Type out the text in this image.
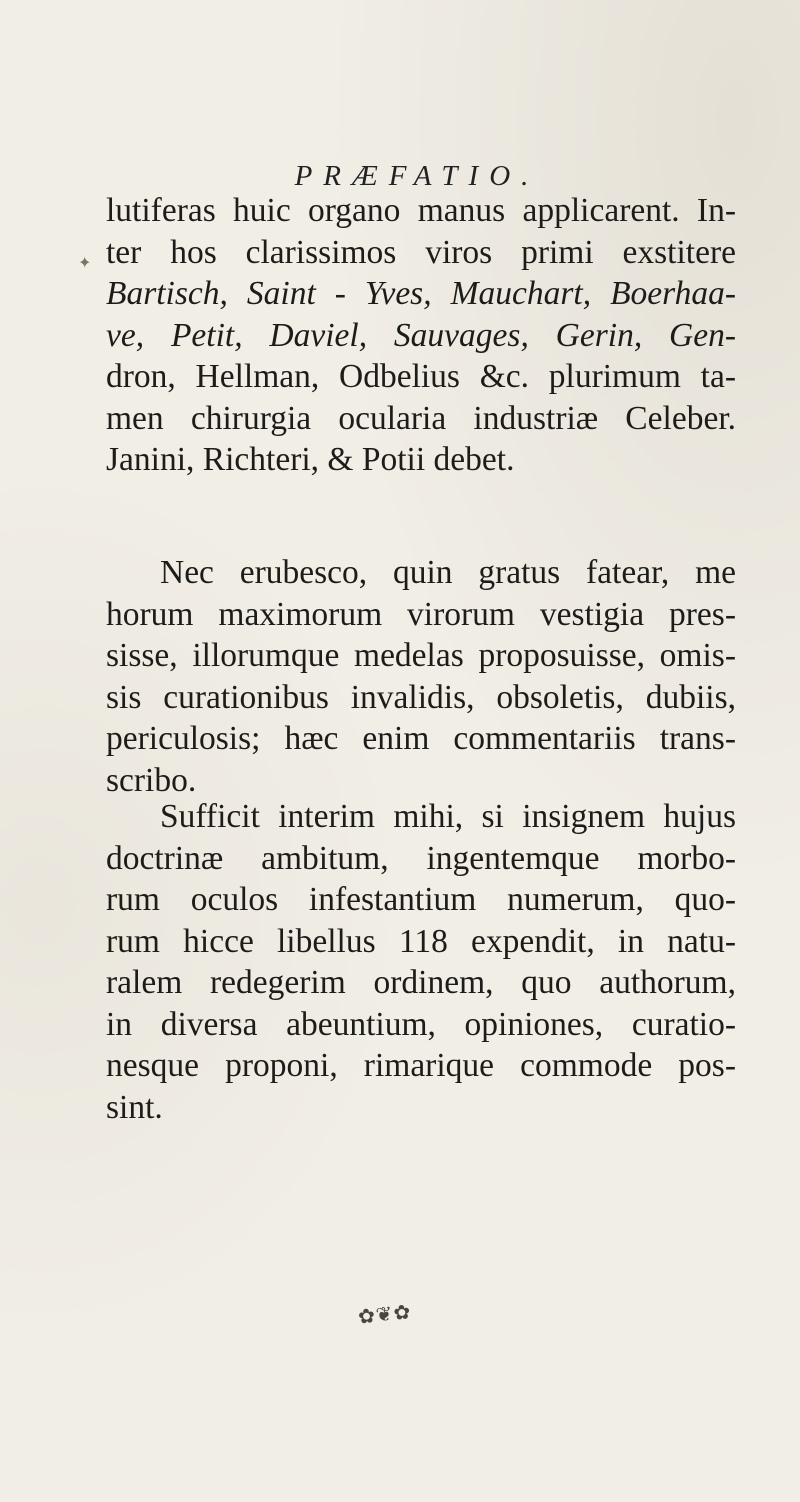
PRÆFATIO.
✦
lutiferas huic organo manus applicarent. In-
ter hos clarissimos viros primi exstitere
Bartisch, Saint - Yves, Mauchart, Boerhaa-
ve, Petit, Daviel, Sauvages, Gerin, Gen-
dron, Hellman, Odbelius &c. plurimum ta-
men chirurgia ocularia industriæ Celeber.
Janini, Richteri, & Potii debet.
Nec erubesco, quin gratus fatear, me
horum maximorum virorum vestigia pres-
sisse, illorumque medelas proposuisse, omis-
sis curationibus invalidis, obsoletis, dubiis,
periculosis; hæc enim commentariis trans-
scribo.
Sufficit interim mihi, si insignem hujus
doctrinæ ambitum, ingentemque morbo-
rum oculos infestantium numerum, quo-
rum hicce libellus 118 expendit, in natu-
ralem redegerim ordinem, quo authorum,
in diversa abeuntium, opiniones, curatio-
nesque proponi, rimarique commode pos-
sint.
✿❦✿
